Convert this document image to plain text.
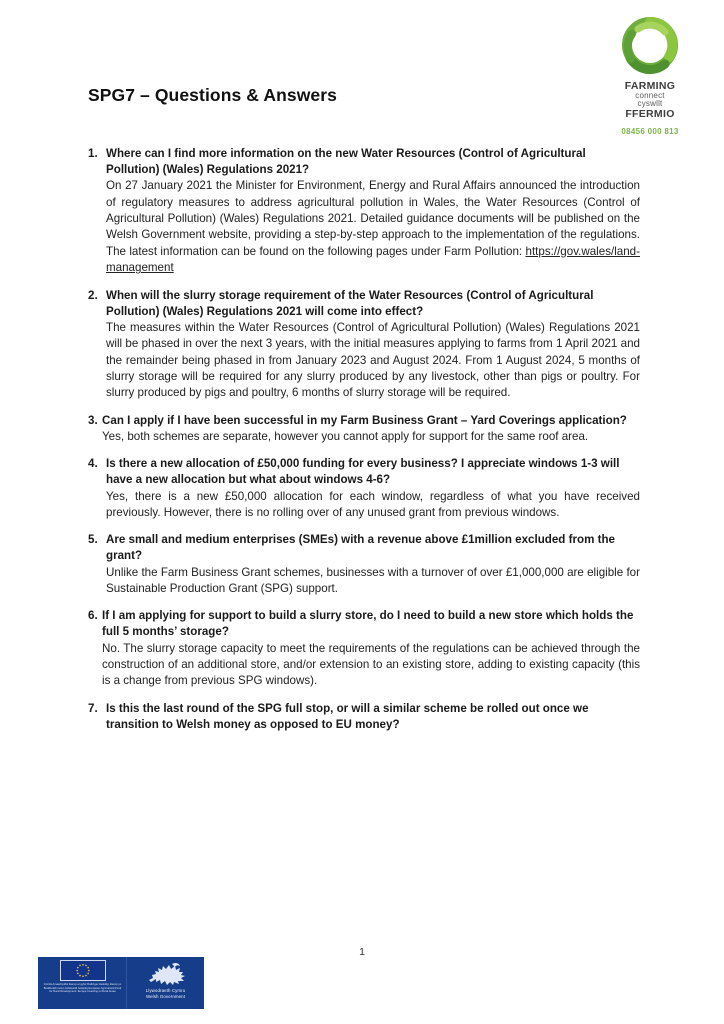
FARMING
connect
cyswllt
FFERMIO
08456 000 813
SPG7 – Questions & Answers
1. Where can I find more information on the new Water Resources (Control of Agricultural Pollution) (Wales) Regulations 2021?
On 27 January 2021 the Minister for Environment, Energy and Rural Affairs announced the introduction of regulatory measures to address agricultural pollution in Wales, the Water Resources (Control of Agricultural Pollution) (Wales) Regulations 2021. Detailed guidance documents will be published on the Welsh Government website, providing a step-by-step approach to the implementation of the regulations. The latest information can be found on the following pages under Farm Pollution: https://gov.wales/land-management
2. When will the slurry storage requirement of the Water Resources (Control of Agricultural Pollution) (Wales) Regulations 2021 will come into effect?
The measures within the Water Resources (Control of Agricultural Pollution) (Wales) Regulations 2021 will be phased in over the next 3 years, with the initial measures applying to farms from 1 April 2021 and the remainder being phased in from January 2023 and August 2024. From 1 August 2024, 5 months of slurry storage will be required for any slurry produced by any livestock, other than pigs or poultry. For slurry produced by pigs and poultry, 6 months of slurry storage will be required.
3. Can I apply if I have been successful in my Farm Business Grant – Yard Coverings application?
Yes, both schemes are separate, however you cannot apply for support for the same roof area.
4. Is there a new allocation of £50,000 funding for every business? I appreciate windows 1-3 will have a new allocation but what about windows 4-6?
Yes, there is a new £50,000 allocation for each window, regardless of what you have received previously. However, there is no rolling over of any unused grant from previous windows.
5. Are small and medium enterprises (SMEs) with a revenue above £1million excluded from the grant?
Unlike the Farm Business Grant schemes, businesses with a turnover of over £1,000,000 are eligible for Sustainable Production Grant (SPG) support.
6. If I am applying for support to build a slurry store, do I need to build a new store which holds the full 5 months’ storage?
No. The slurry storage capacity to meet the requirements of the regulations can be achieved through the construction of an additional store, and/or extension to an existing store, adding to existing capacity (this is a change from previous SPG windows).
7. Is this the last round of the SPG full stop, or will a similar scheme be rolled out once we transition to Welsh money as opposed to EU money?
1
Cronfa Amaethyddol Ewrop ar gyfer Datblygu Gwledig: Ewrop yn Buddsoddi mewn Ardaloedd Gwledig European Agricultural Fund for Rural Development: Europe Investing in Rural Areas	Llywodraeth Cymru
Welsh Government
